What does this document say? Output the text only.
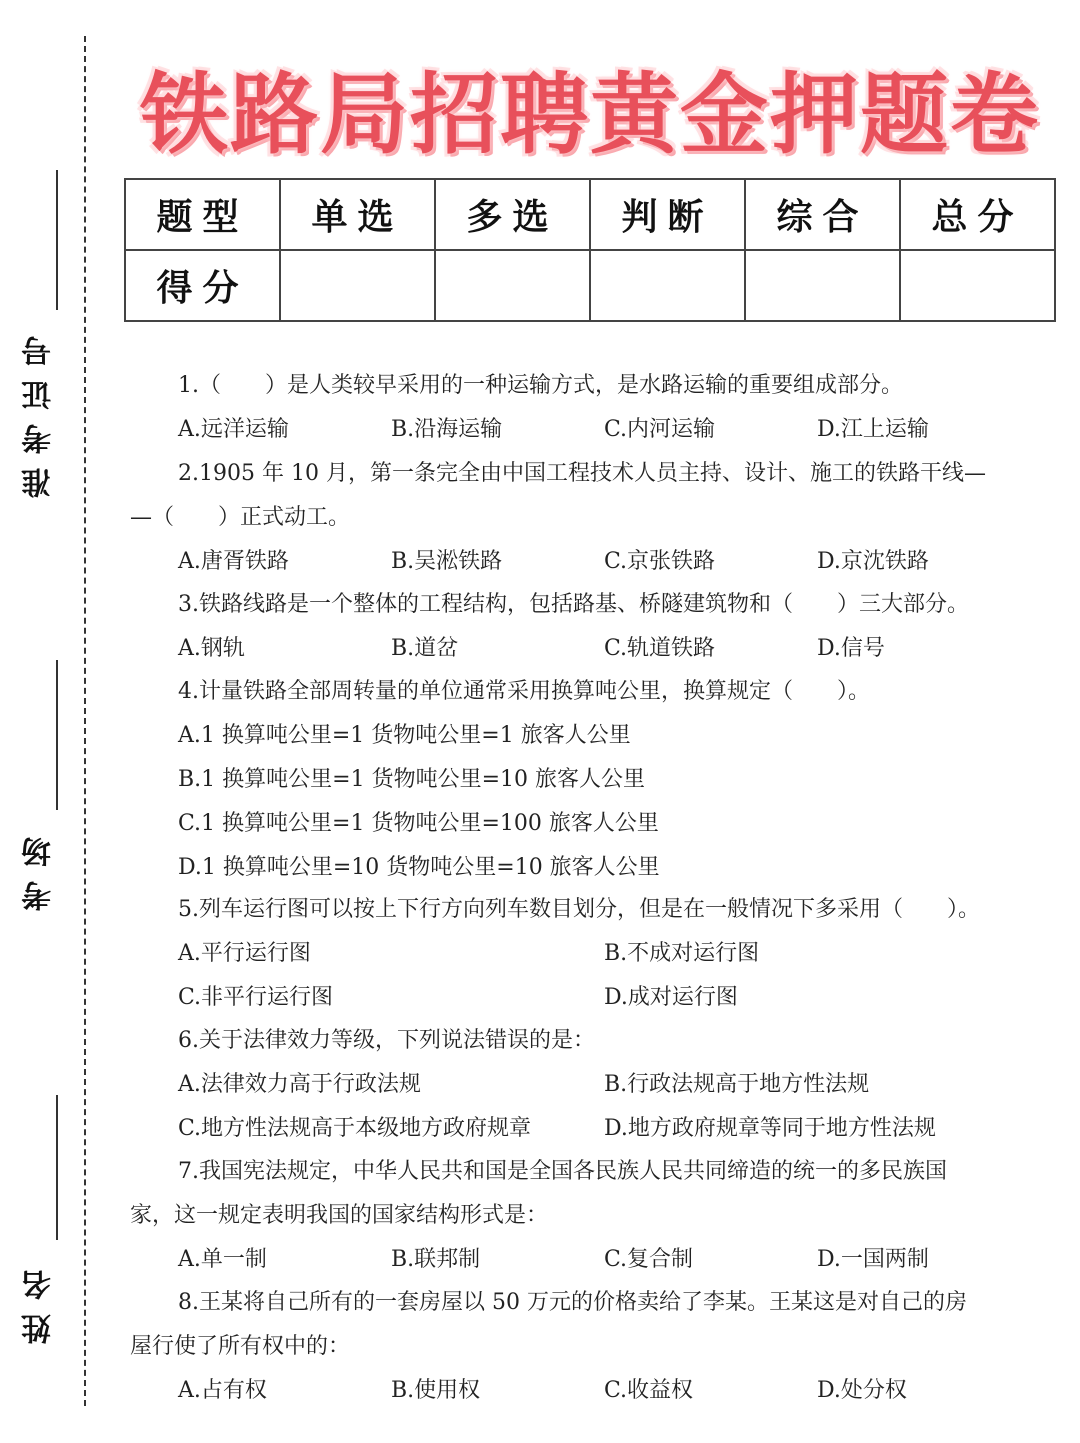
准考证号
考场
姓名
铁路局招聘黄金押题卷
题型	单选	多选	判断	综合	总分
得分					
1.（　　）是人类较早采用的一种运输方式，是水路运输的重要组成部分。
A.远洋运输	B.沿海运输	C.内河运输	D.江上运输
2.1905 年 10 月，第一条完全由中国工程技术人员主持、设计、施工的铁路干线—
—（　　）正式动工。
A.唐胥铁路	B.吴淞铁路	C.京张铁路	D.京沈铁路
3.铁路线路是一个整体的工程结构，包括路基、桥隧建筑物和（　　）三大部分。
A.钢轨	B.道岔	C.轨道铁路	D.信号
4.计量铁路全部周转量的单位通常采用换算吨公里，换算规定（　　）。
A.1 换算吨公里=1 货物吨公里=1 旅客人公里
B.1 换算吨公里=1 货物吨公里=10 旅客人公里
C.1 换算吨公里=1 货物吨公里=100 旅客人公里
D.1 换算吨公里=10 货物吨公里=10 旅客人公里
5.列车运行图可以按上下行方向列车数目划分，但是在一般情况下多采用（　　）。
A.平行运行图	B.不成对运行图
C.非平行运行图	D.成对运行图
6.关于法律效力等级，下列说法错误的是：
A.法律效力高于行政法规	B.行政法规高于地方性法规
C.地方性法规高于本级地方政府规章	D.地方政府规章等同于地方性法规
7.我国宪法规定，中华人民共和国是全国各民族人民共同缔造的统一的多民族国
家，这一规定表明我国的国家结构形式是：
A.单一制	B.联邦制	C.复合制	D.一国两制
8.王某将自己所有的一套房屋以 50 万元的价格卖给了李某。王某这是对自己的房
屋行使了所有权中的：
A.占有权	B.使用权	C.收益权	D.处分权
